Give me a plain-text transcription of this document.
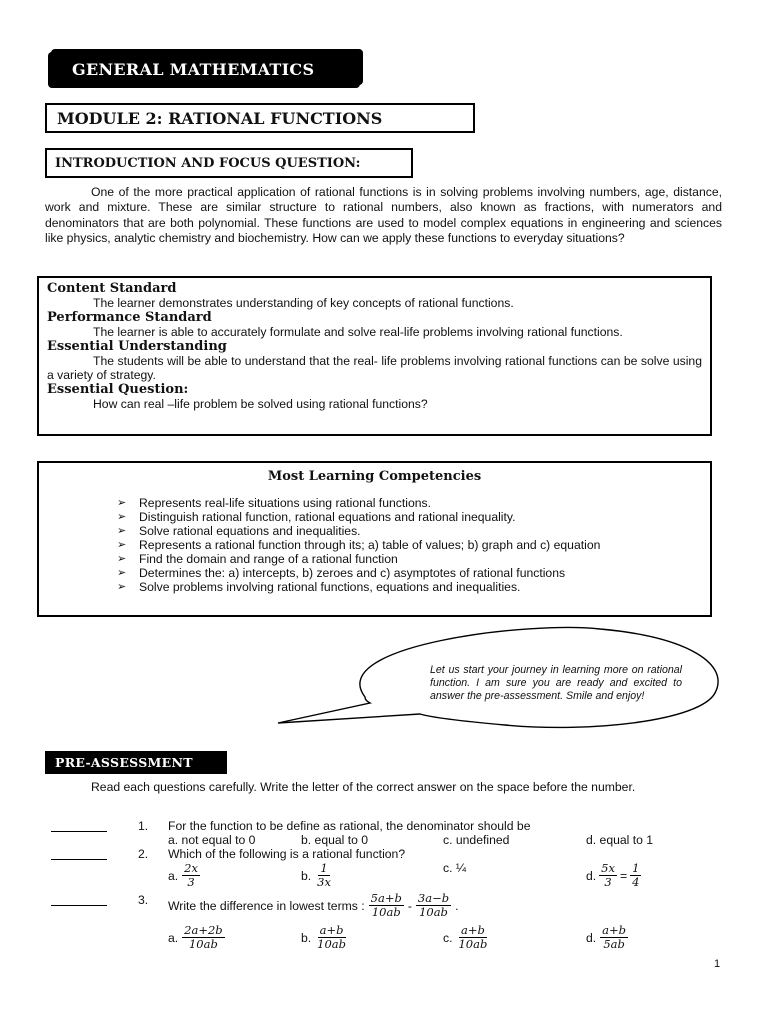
GENERAL MATHEMATICS
MODULE 2: RATIONAL FUNCTIONS
INTRODUCTION AND FOCUS QUESTION:
One of the more practical application of rational functions is in solving problems involving numbers, age, distance, work and mixture. These are similar structure to rational numbers, also known as fractions, with numerators and denominators that are both polynomial. These functions are used to model complex equations in engineering and sciences like physics, analytic chemistry and biochemistry. How can we apply these functions to everyday situations?
Content Standard
The learner demonstrates understanding of key concepts of rational functions.
Performance Standard
The learner is able to accurately formulate and solve real-life problems involving rational functions.
Essential Understanding
The students will be able to understand that the real- life problems involving rational functions can be solve using a variety of strategy.
Essential Question:
How can real –life problem be solved using rational functions?
Most Learning Competencies
➢ Represents real-life situations using rational functions.
➢ Distinguish rational function, rational equations and rational inequality.
➢ Solve rational equations and inequalities.
➢ Represents a rational function through its; a) table of values; b) graph and c) equation
➢ Find the domain and range of a rational function
➢ Determines the: a) intercepts, b) zeroes and c) asymptotes of rational functions
➢ Solve problems involving rational functions, equations and inequalities.
Let us start your journey in learning more on rational function. I am sure you are ready and excited to answer the pre-assessment. Smile and enjoy!
PRE-ASSESSMENT
Read each questions carefully. Write the letter of the correct answer on the space before the number.
1. For the function to be define as rational, the denominator should be
a. not equal to 0	b. equal to 0	c. undefined	d. equal to 1
2. Which of the following is a rational function?
a. $\frac{2x}{3}$	b. $\frac{1}{3x}$	c. ¼
d. $\frac{5x}{3} = \frac{1}{4}$
3. Write the difference in lowest terms : $\frac{5a+b}{10ab} - \frac{3a-b}{10ab}$ .
a. $\frac{2a+2b}{10ab}$	b. $\frac{a+b}{10ab}$	c. $\frac{a+b}{10ab}$	d. $\frac{a+b}{5ab}$
1
